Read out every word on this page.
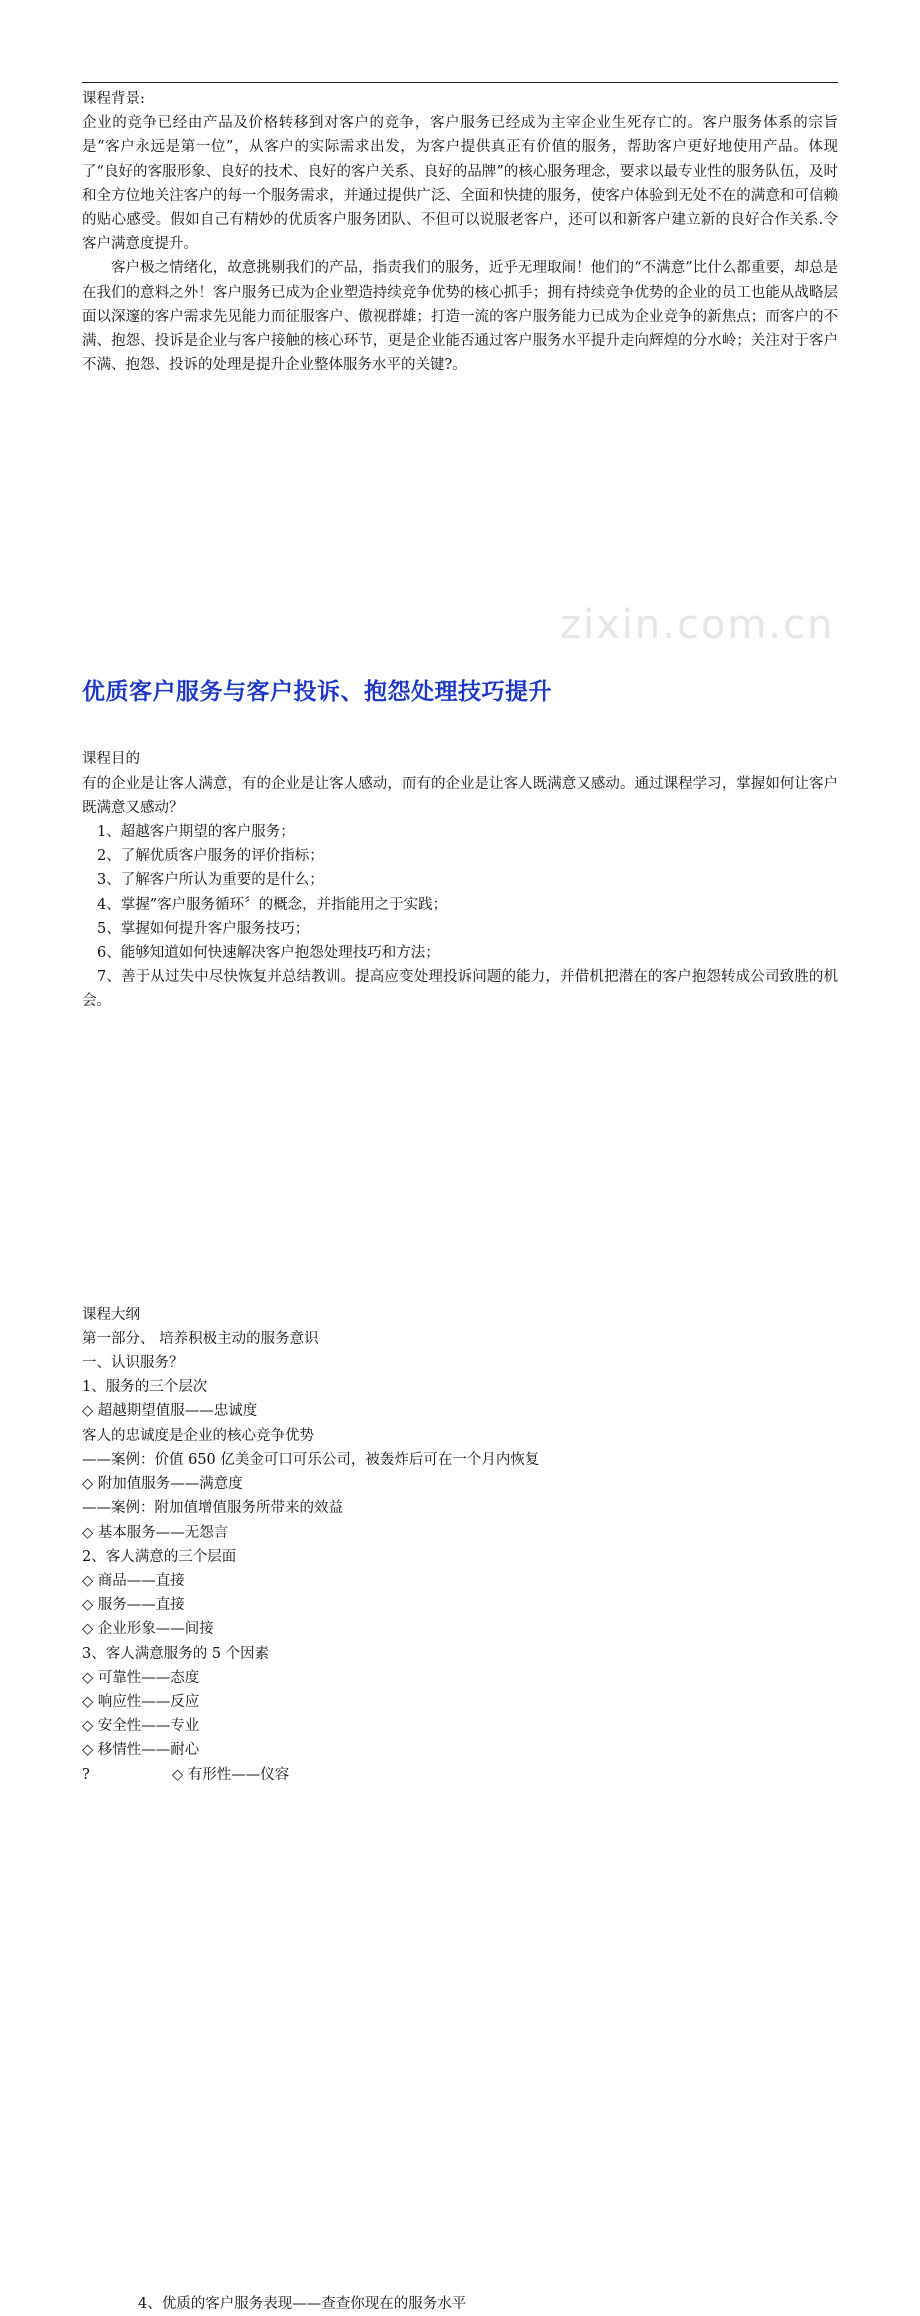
zixin.com.cn

课程背景:

企业的竞争已经由产品及价格转移到对客户的竞争，客户服务已经成为主宰企业生死存亡的。客户服务体系的宗旨是“客户永远是第一位”，从客户的实际需求出发，为客户提供真正有价值的服务，帮助客户更好地使用产品。体现了“良好的客服形象、良好的技术、良好的客户关系、良好的品牌”的核心服务理念，要求以最专业性的服务队伍，及时和全方位地关注客户的每一个服务需求，并通过提供广泛、全面和快捷的服务，使客户体验到无处不在的满意和可信赖的贴心感受。假如自己有精妙的优质客户服务团队、不但可以说服老客户，还可以和新客户建立新的良好合作关系.令客户满意度提升。

客户极之情绪化，故意挑剔我们的产品，指责我们的服务，近乎无理取闹！他们的“不满意”比什么都重要，却总是在我们的意料之外！客户服务已成为企业塑造持续竞争优势的核心抓手；拥有持续竞争优势的企业的员工也能从战略层面以深邃的客户需求先见能力而征服客户、傲视群雄；打造一流的客户服务能力已成为企业竞争的新焦点；而客户的不满、抱怨、投诉是企业与客户接触的核心环节，更是企业能否通过客户服务水平提升走向辉煌的分水岭；关注对于客户不满、抱怨、投诉的处理是提升企业整体服务水平的关键?。

优质客户服务与客户投诉、抱怨处理技巧提升

课程目的

有的企业是让客人满意，有的企业是让客人感动，而有的企业是让客人既满意又感动。通过课程学习，掌握如何让客户既满意又感动？

1、超越客户期望的客户服务；

2、了解优质客户服务的评价指标；

3、了解客户所认为重要的是什么；

4、掌握”客户服务循环〞的概念，并指能用之于实践；

5、掌握如何提升客户服务技巧；

6、能够知道如何快速解决客户抱怨处理技巧和方法；

7、善于从过失中尽快恢复并总结教训。提高应变处理投诉问题的能力，并借机把潜在的客户抱怨转成公司致胜的机会。

课程大纲
第一部分、 培养积极主动的服务意识
一、认识服务？
1、服务的三个层次
◇ 超越期望值服——忠诚度
客人的忠诚度是企业的核心竞争优势
——案例：价值 650 亿美金可口可乐公司，被轰炸后可在一个月内恢复
◇ 附加值服务——满意度
——案例：附加值增值服务所带来的效益
◇ 基本服务——无怨言
2、客人满意的三个层面
◇ 商品——直接
◇ 服务——直接
◇ 企业形象——间接
3、客人满意服务的 5 个因素
◇ 可靠性——态度
◇ 响应性——反应
◇ 安全性——专业
◇ 移情性——耐心
?	◇ 有形性——仪容
4、优质的客户服务表现——查查你现在的服务水平
